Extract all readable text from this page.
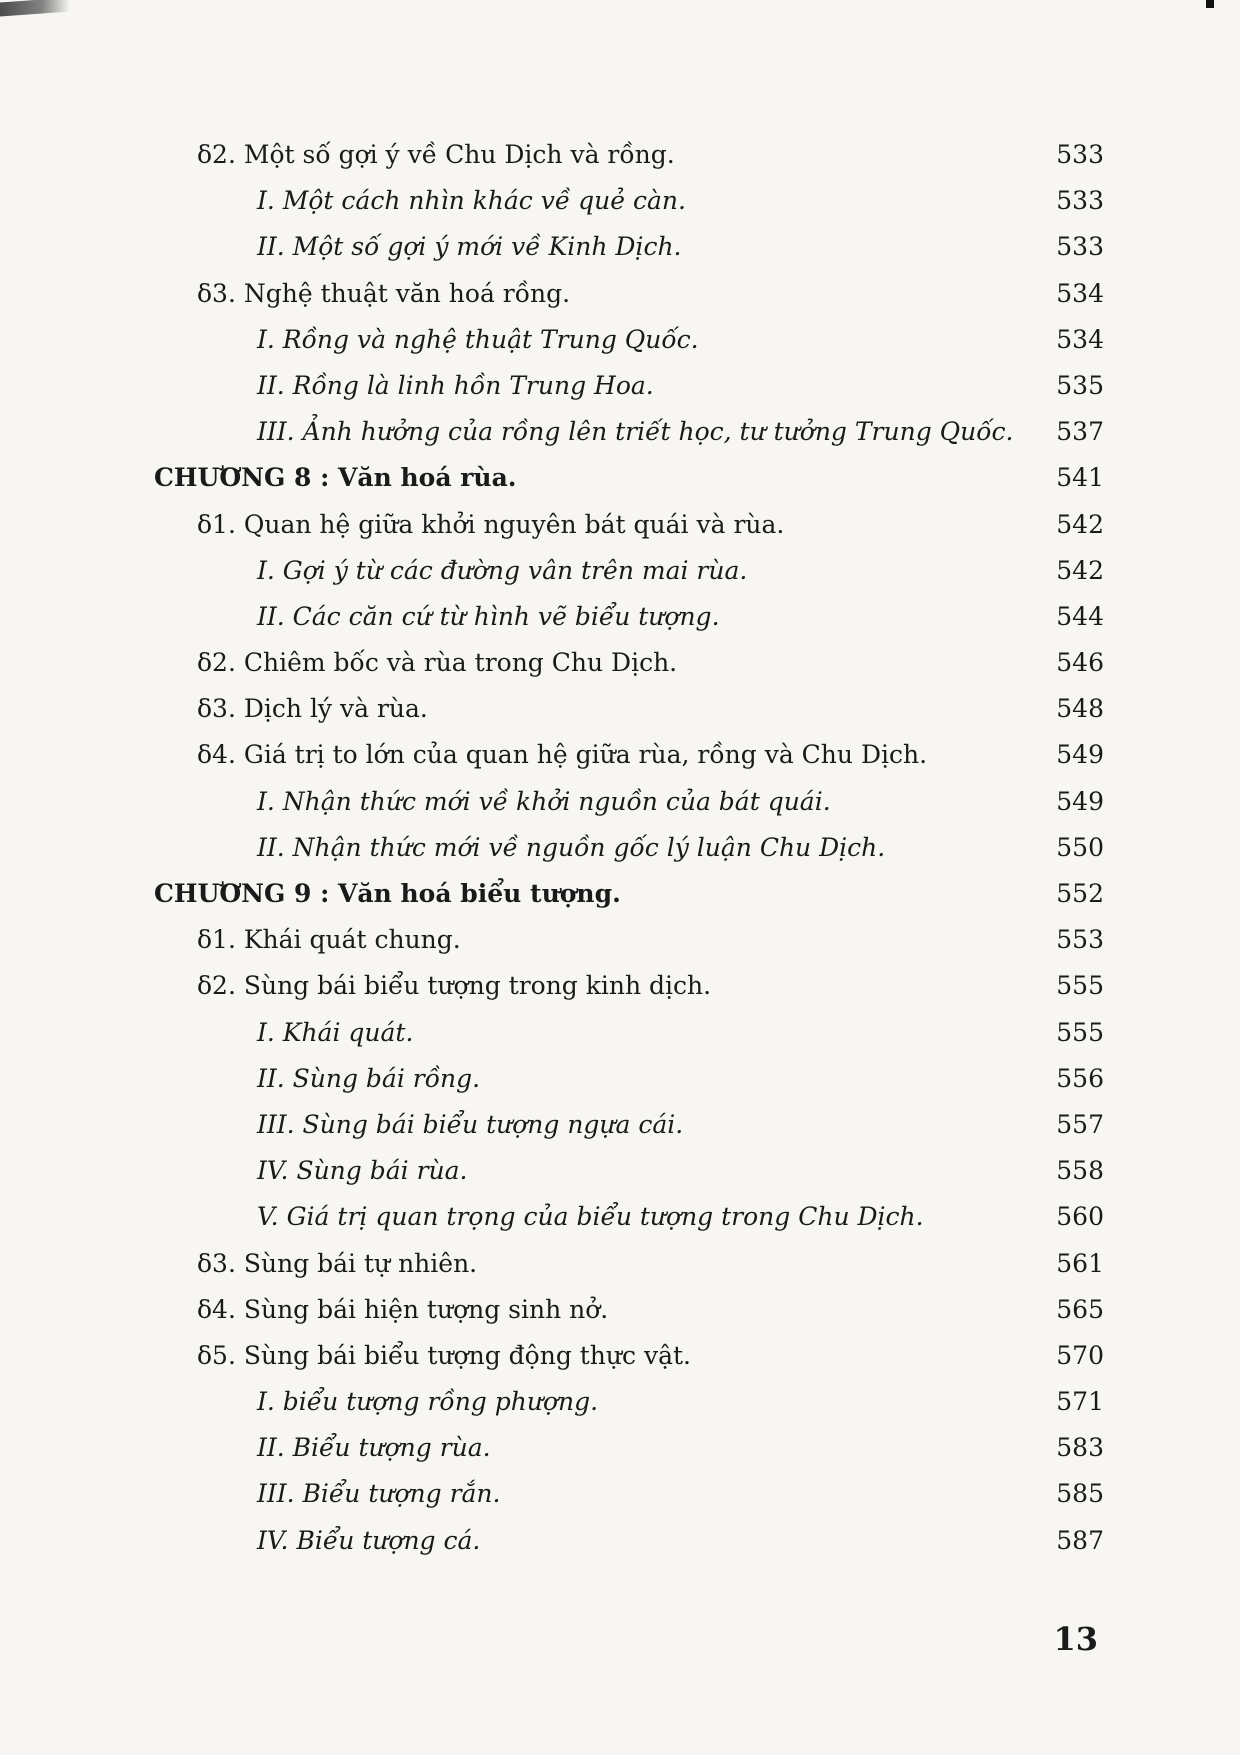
δ2. Một số gợi ý về Chu Dịch và rồng.	533
I. Một cách nhìn khác về quẻ càn.	533
II. Một số gợi ý mới về Kinh Dịch.	533
δ3. Nghệ thuật văn hoá rồng.	534
I. Rồng và nghệ thuật Trung Quốc.	534
II. Rồng là linh hồn Trung Hoa.	535
III. Ảnh hưởng của rồng lên triết học, tư tưởng Trung Quốc. 537
CHƯƠNG 8 : Văn hoá rùa.	541
δ1. Quan hệ giữa khởi nguyên bát quái và rùa.	542
I. Gợi ý từ các đường vân trên mai rùa.	542
II. Các căn cứ từ hình vẽ biểu tượng.	544
δ2. Chiêm bốc và rùa trong Chu Dịch.	546
δ3. Dịch lý và rùa.	548
δ4. Giá trị to lớn của quan hệ giữa rùa, rồng và Chu Dịch.	549
I. Nhận thức mới về khởi nguồn của bát quái.	549
II. Nhận thức mới về nguồn gốc lý luận Chu Dịch.	550
CHƯƠNG 9 : Văn hoá biểu tượng.	552
δ1. Khái quát chung.	553
δ2. Sùng bái biểu tượng trong kinh dịch.	555
I. Khái quát.	555
II. Sùng bái rồng.	556
III. Sùng bái biểu tượng ngựa cái.	557
IV. Sùng bái rùa.	558
V. Giá trị quan trọng của biểu tượng trong Chu Dịch.	560
δ3. Sùng bái tự nhiên.	561
δ4. Sùng bái hiện tượng sinh nở.	565
δ5. Sùng bái biểu tượng động thực vật.	570
I. biểu tượng rồng phượng.	571
II. Biểu tượng rùa.	583
III. Biểu tượng rắn.	585
IV. Biểu tượng cá.	587
13
